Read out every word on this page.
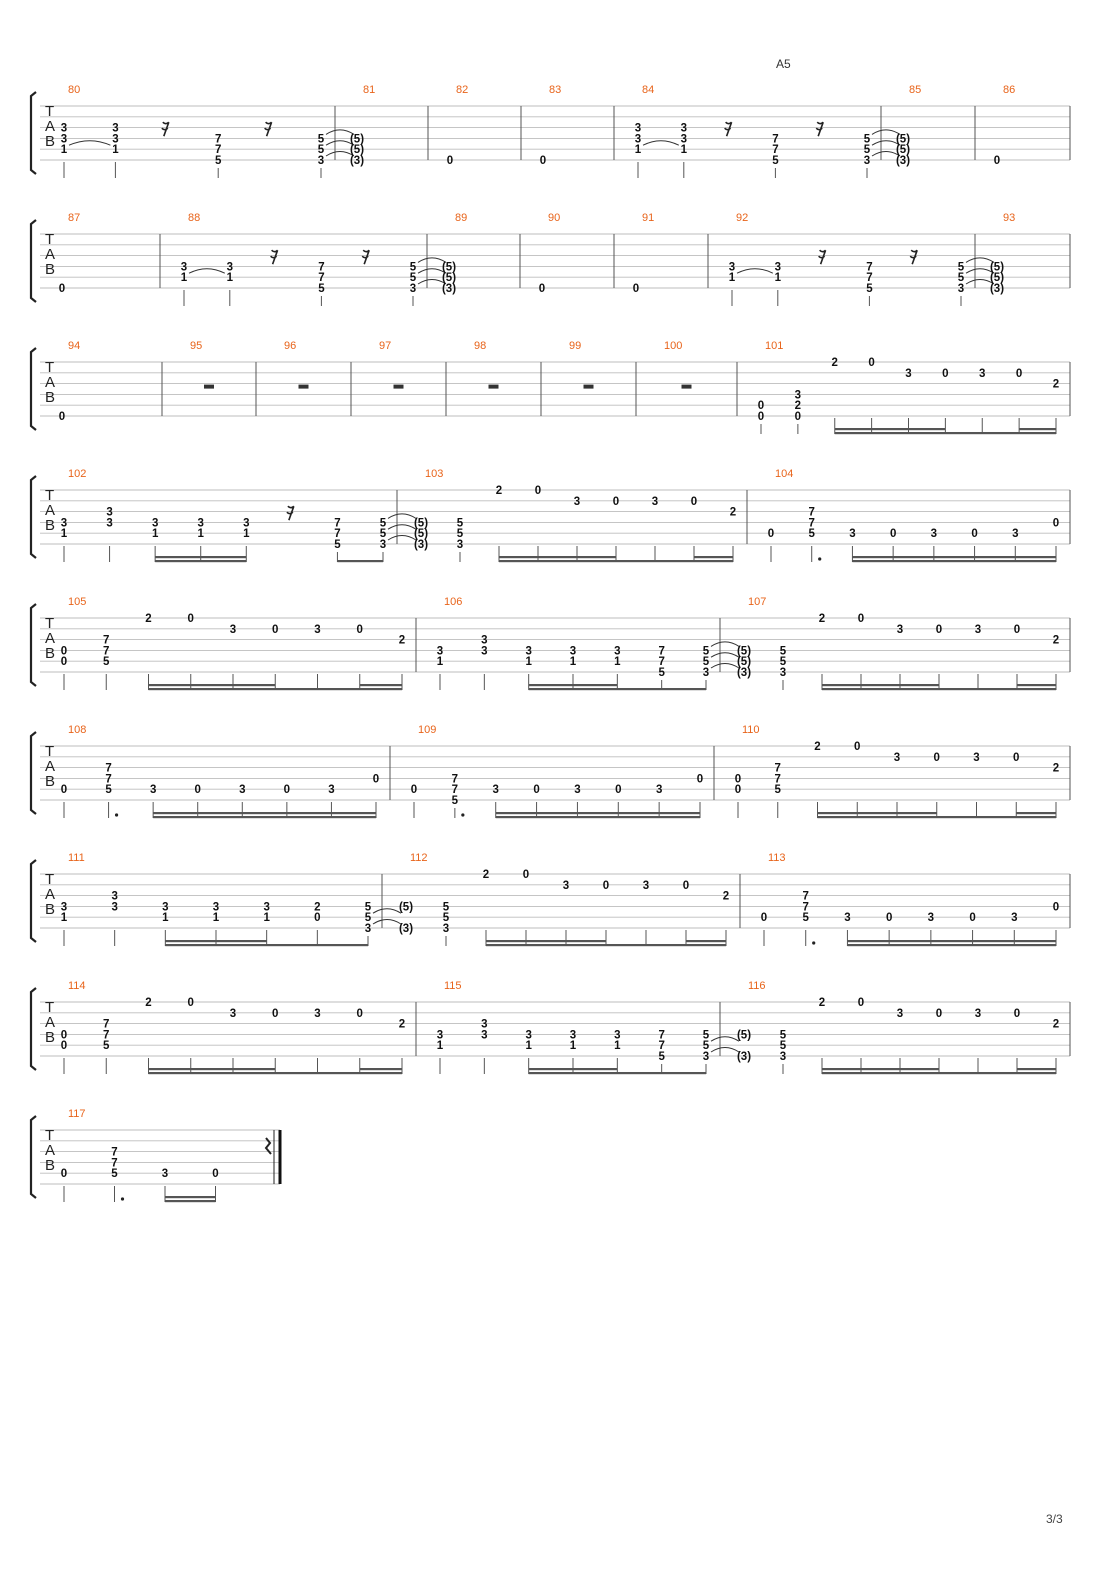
A5
T
A
B
80
3
3
1
3
3
1
7
7
5
5
5
3
81
(5)
(5)
(3)
82
0
83
0
84
3
3
1
3
3
1
7
7
5
5
5
3
85
(5)
(5)
(3)
86
0
T
A
B
87
0
88
3
1
3
1
7
7
5
5
5
3
89
(5)
(5)
(3)
90
0
91
0
92
3
1
3
1
7
7
5
5
5
3
93
(5)
(5)
(3)
T
A
B
94
0
95	96	97	98	99	100	101
0
0
3
2
0
2	0
3	0	3	0
2
T
A
B
102
3
1
3
3	3
1
3
1
3
1
7
7
5
5
5
3
103
(5)
(5)
(3)
5
5
3
2	0
3	0	3	0
2
104
0
7
7
5	3	0	3	0	3
0
T
A
B
105
0
0
7
7
5
2	0
3	0	3	0
2
106
3
1
3
3	3
1
3
1
3
1
7
7
5
5
5
3
107
(5)
(5)
(3)
5
5
3
2	0
3	0	3	0
2
T
A
B
108
0
7
7
5	3	0	3	0	3
0
109
0
7
7
5
3	0	3	0	3
0
110
0
0
7
7
5
2	0
3	0	3	0
2
T
A
B
111
3
1
3
3	3
1
3
1
3
1
2
0
5
5
3
112
(5)
(3)
5
5
3
2	0
3	0	3	0
2
113
0
7
7
5	3	0	3	0	3
0
T
A
B
114
0
0
7
7
5
2	0
3	0	3	0
2
115
3
1
3
3	3
1
3
1
3
1
7
7
5
5
5
3
116
(5)
(3)
5
5
3
2	0
3	0	3	0
2
T
A
B
117
0
7
7
5	3	0
3/3
